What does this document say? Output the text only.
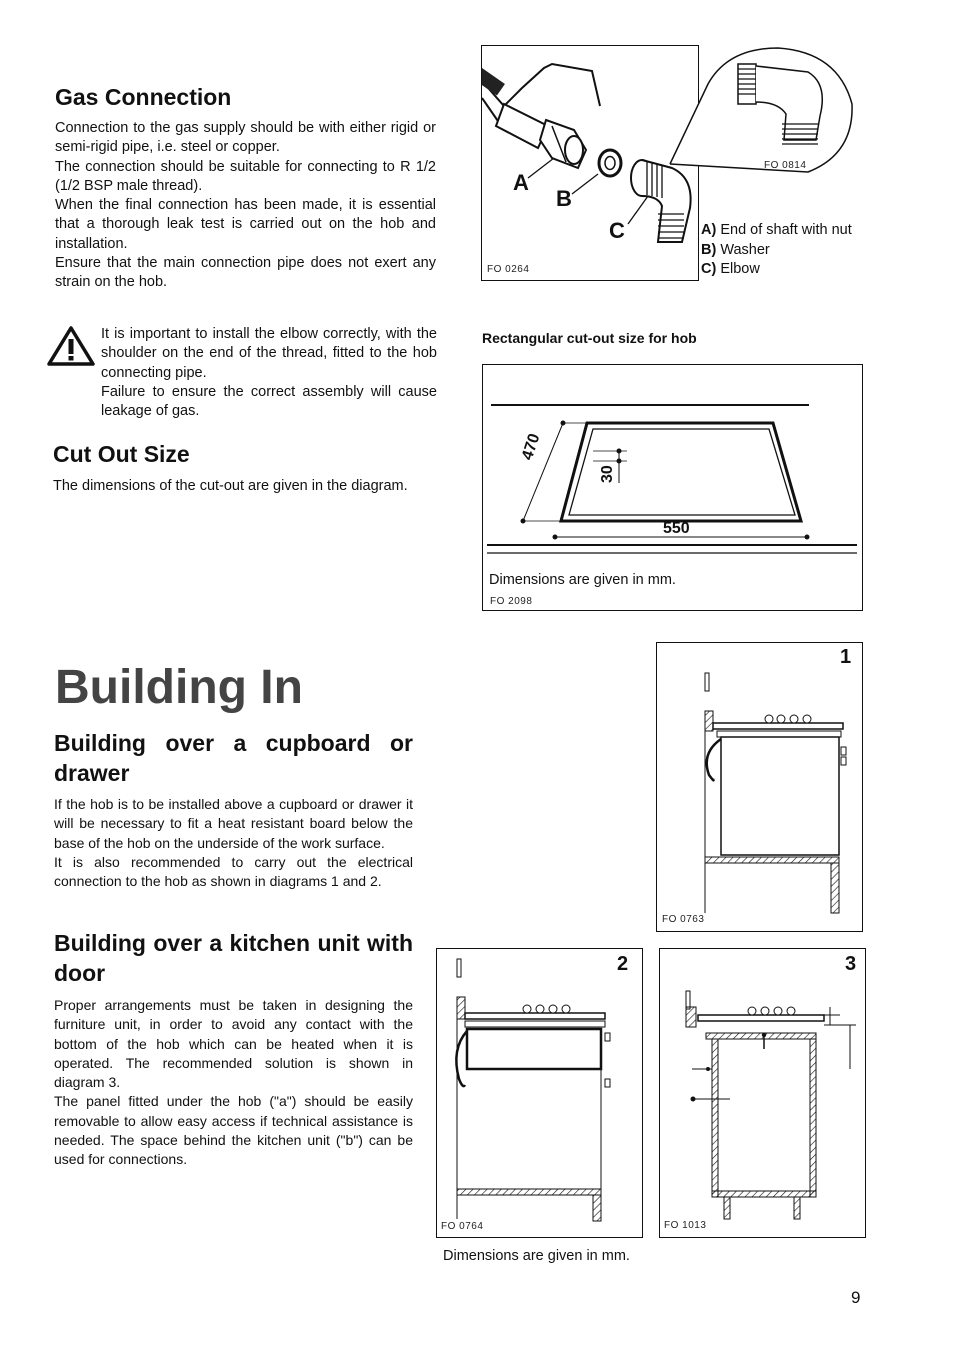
Gas Connection

Connection to the gas supply should be with either rigid or semi-rigid pipe, i.e. steel or copper.

The connection should be suitable for connecting to R 1/2 (1/2 BSP male thread).

When the final connection has been made, it is essential that a thorough leak test is carried out on the hob and installation.

Ensure that the main connection pipe does not exert any strain on the hob.

It is important to install the elbow correctly, with the shoulder on the end of the thread, fitted to the hob connecting pipe.

Failure to ensure the correct assembly will cause leakage of gas.

Cut Out Size
The dimensions of the cut-out are given in the diagram.
A
B
C
FO 0264
FO 0814
A) End of shaft with nut
B) Washer
C) Elbow
Rectangular cut-out size for hob
470
30
550
Dimensions are given in mm.
FO 2098
Building In
Building over a cupboard or drawer

If the hob is to be installed above a cupboard or drawer it will be necessary to fit a heat resistant board below the base of the hob on the underside of the work surface.

It is also recommended to carry out the electrical connection to the hob as shown in diagrams 1 and 2.

Building over a kitchen unit with door

Proper arrangements must be taken in designing the furniture unit, in order to avoid any contact with the bottom of the hob which can be heated when it is operated. The recommended solution is shown in diagram 3.

The panel fitted under the hob ("a") should be easily removable to allow easy access if technical assistance is needed. The space behind the kitchen unit ("b") can be used for connections.

1
FO 0763
2
FO 0764
3
FO 1013
Dimensions are given in mm.
9
